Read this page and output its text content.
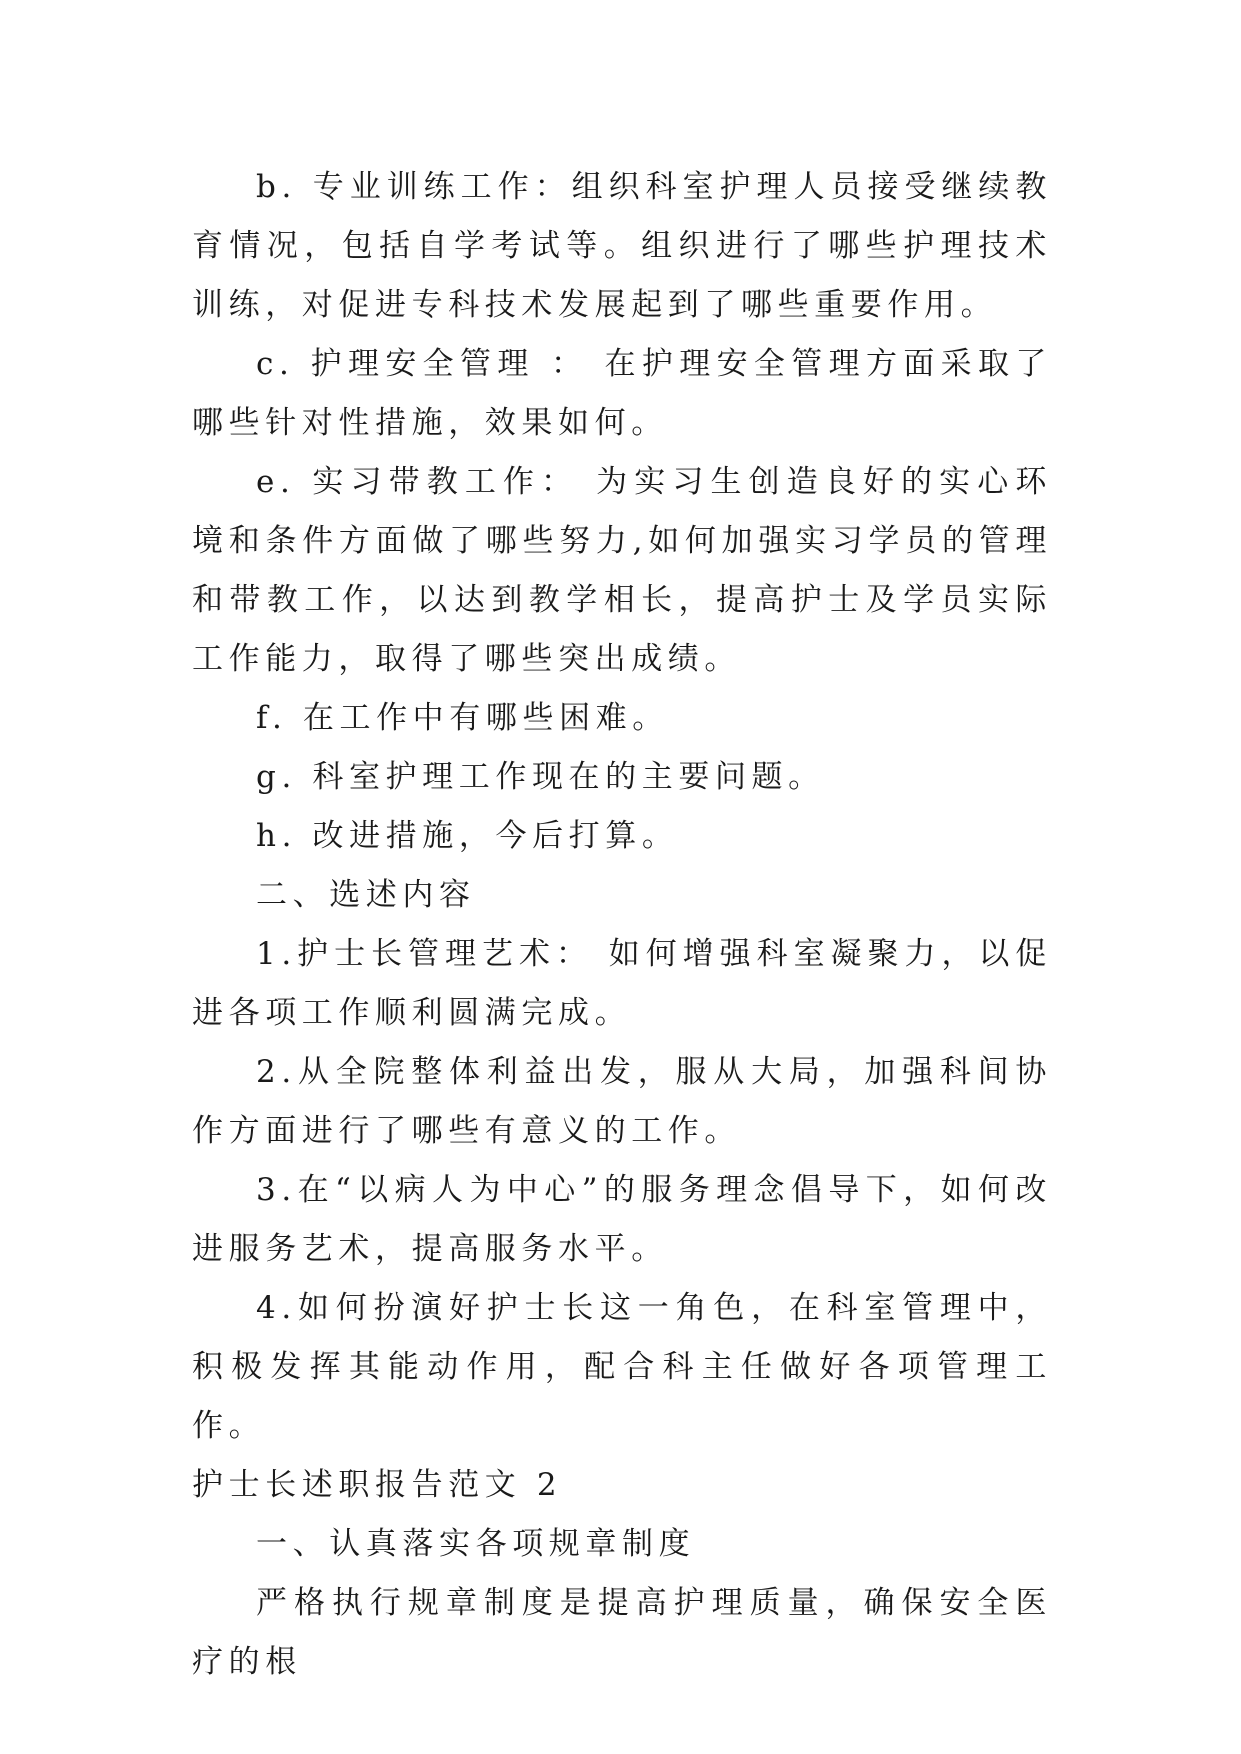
b. 专业训练工作：组织科室护理人员接受继续教育情况，包括自学考试等。组织进行了哪些护理技术训练，对促进专科技术发展起到了哪些重要作用。

c. 护理安全管理 ： 在护理安全管理方面采取了哪些针对性措施，效果如何。

e. 实习带教工作： 为实习生创造良好的实心环境和条件方面做了哪些努力,如何加强实习学员的管理和带教工作，以达到教学相长，提高护士及学员实际工作能力，取得了哪些突出成绩。

f. 在工作中有哪些困难。

g. 科室护理工作现在的主要问题。

h. 改进措施，今后打算。

二、选述内容

1.护士长管理艺术： 如何增强科室凝聚力，以促进各项工作顺利圆满完成。

2.从全院整体利益出发，服从大局，加强科间协作方面进行了哪些有意义的工作。

3.在“以病人为中心”的服务理念倡导下，如何改进服务艺术，提高服务水平。

4.如何扮演好护士长这一角色，在科室管理中，积极发挥其能动作用，配合科主任做好各项管理工作。

护士长述职报告范文 2

一、认真落实各项规章制度

严格执行规章制度是提高护理质量，确保安全医疗的根
